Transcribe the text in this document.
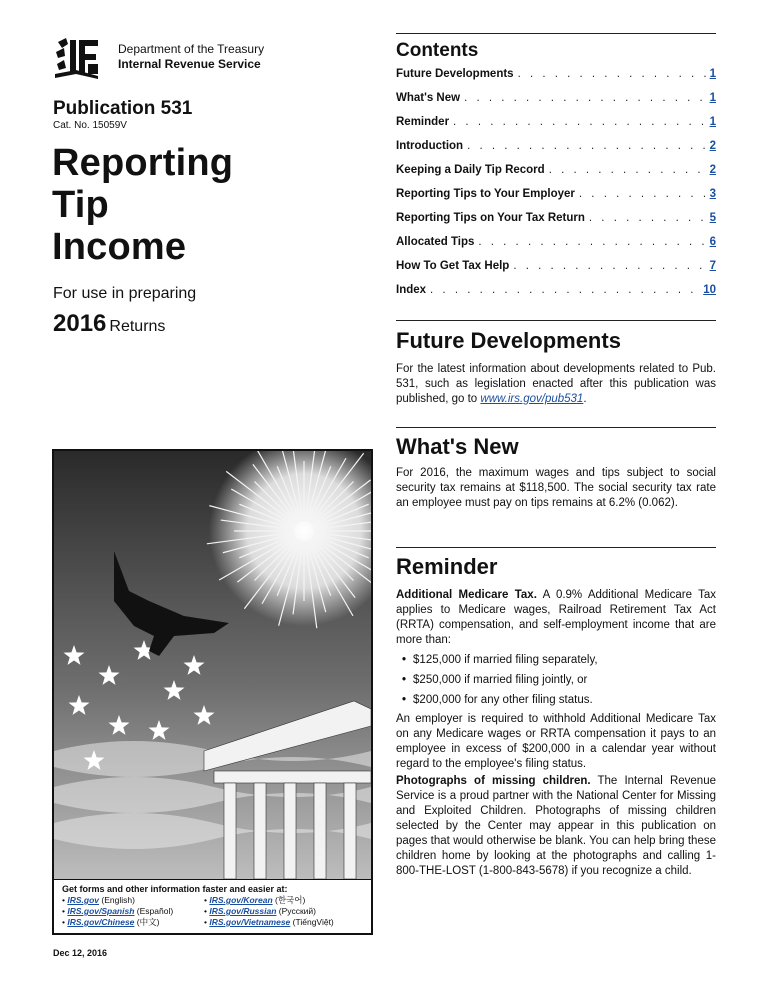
Department of the Treasury
Internal Revenue Service
Publication 531
Cat. No. 15059V
Reporting
Tip
Income
For use in preparing
2016 Returns
Get forms and other information faster and easier at:
• IRS.gov (English)	• IRS.gov/Korean (한국어)
• IRS.gov/Spanish (Español)	• IRS.gov/Russian (Pусский)
• IRS.gov/Chinese (中文)	• IRS.gov/Vietnamese (TiếngViệt)
Dec 12, 2016
Contents
Future Developments . . .	1
What's New . . .	1
Reminder . . .	1
Introduction . . .	2
Keeping a Daily Tip Record . . .	2
Reporting Tips to Your Employer . . .	3
Reporting Tips on Your Tax Return . . .	5
Allocated Tips . . .	6
How To Get Tax Help . . .	7
Index . . .	10
Future Developments
For the latest information about developments related to Pub. 531, such as legislation enacted after this publication was published, go to www.irs.gov/pub531.
What's New
For 2016, the maximum wages and tips subject to social security tax remains at $118,500. The social security tax rate an employee must pay on tips remains at 6.2% (0.062).
Reminder
Additional Medicare Tax. A 0.9% Additional Medicare Tax applies to Medicare wages, Railroad Retirement Tax Act (RRTA) compensation, and self-employment income that are more than:
• $125,000 if married filing separately,
• $250,000 if married filing jointly, or
• $200,000 for any other filing status.
An employer is required to withhold Additional Medicare Tax on any Medicare wages or RRTA compensation it pays to an employee in excess of $200,000 in a calendar year without regard to the employee's filing status.
Photographs of missing children. The Internal Revenue Service is a proud partner with the National Center for Missing and Exploited Children. Photographs of missing children selected by the Center may appear in this publication on pages that would otherwise be blank. You can help bring these children home by looking at the photographs and calling 1-800-THE-LOST (1-800-843-5678) if you recognize a child.
